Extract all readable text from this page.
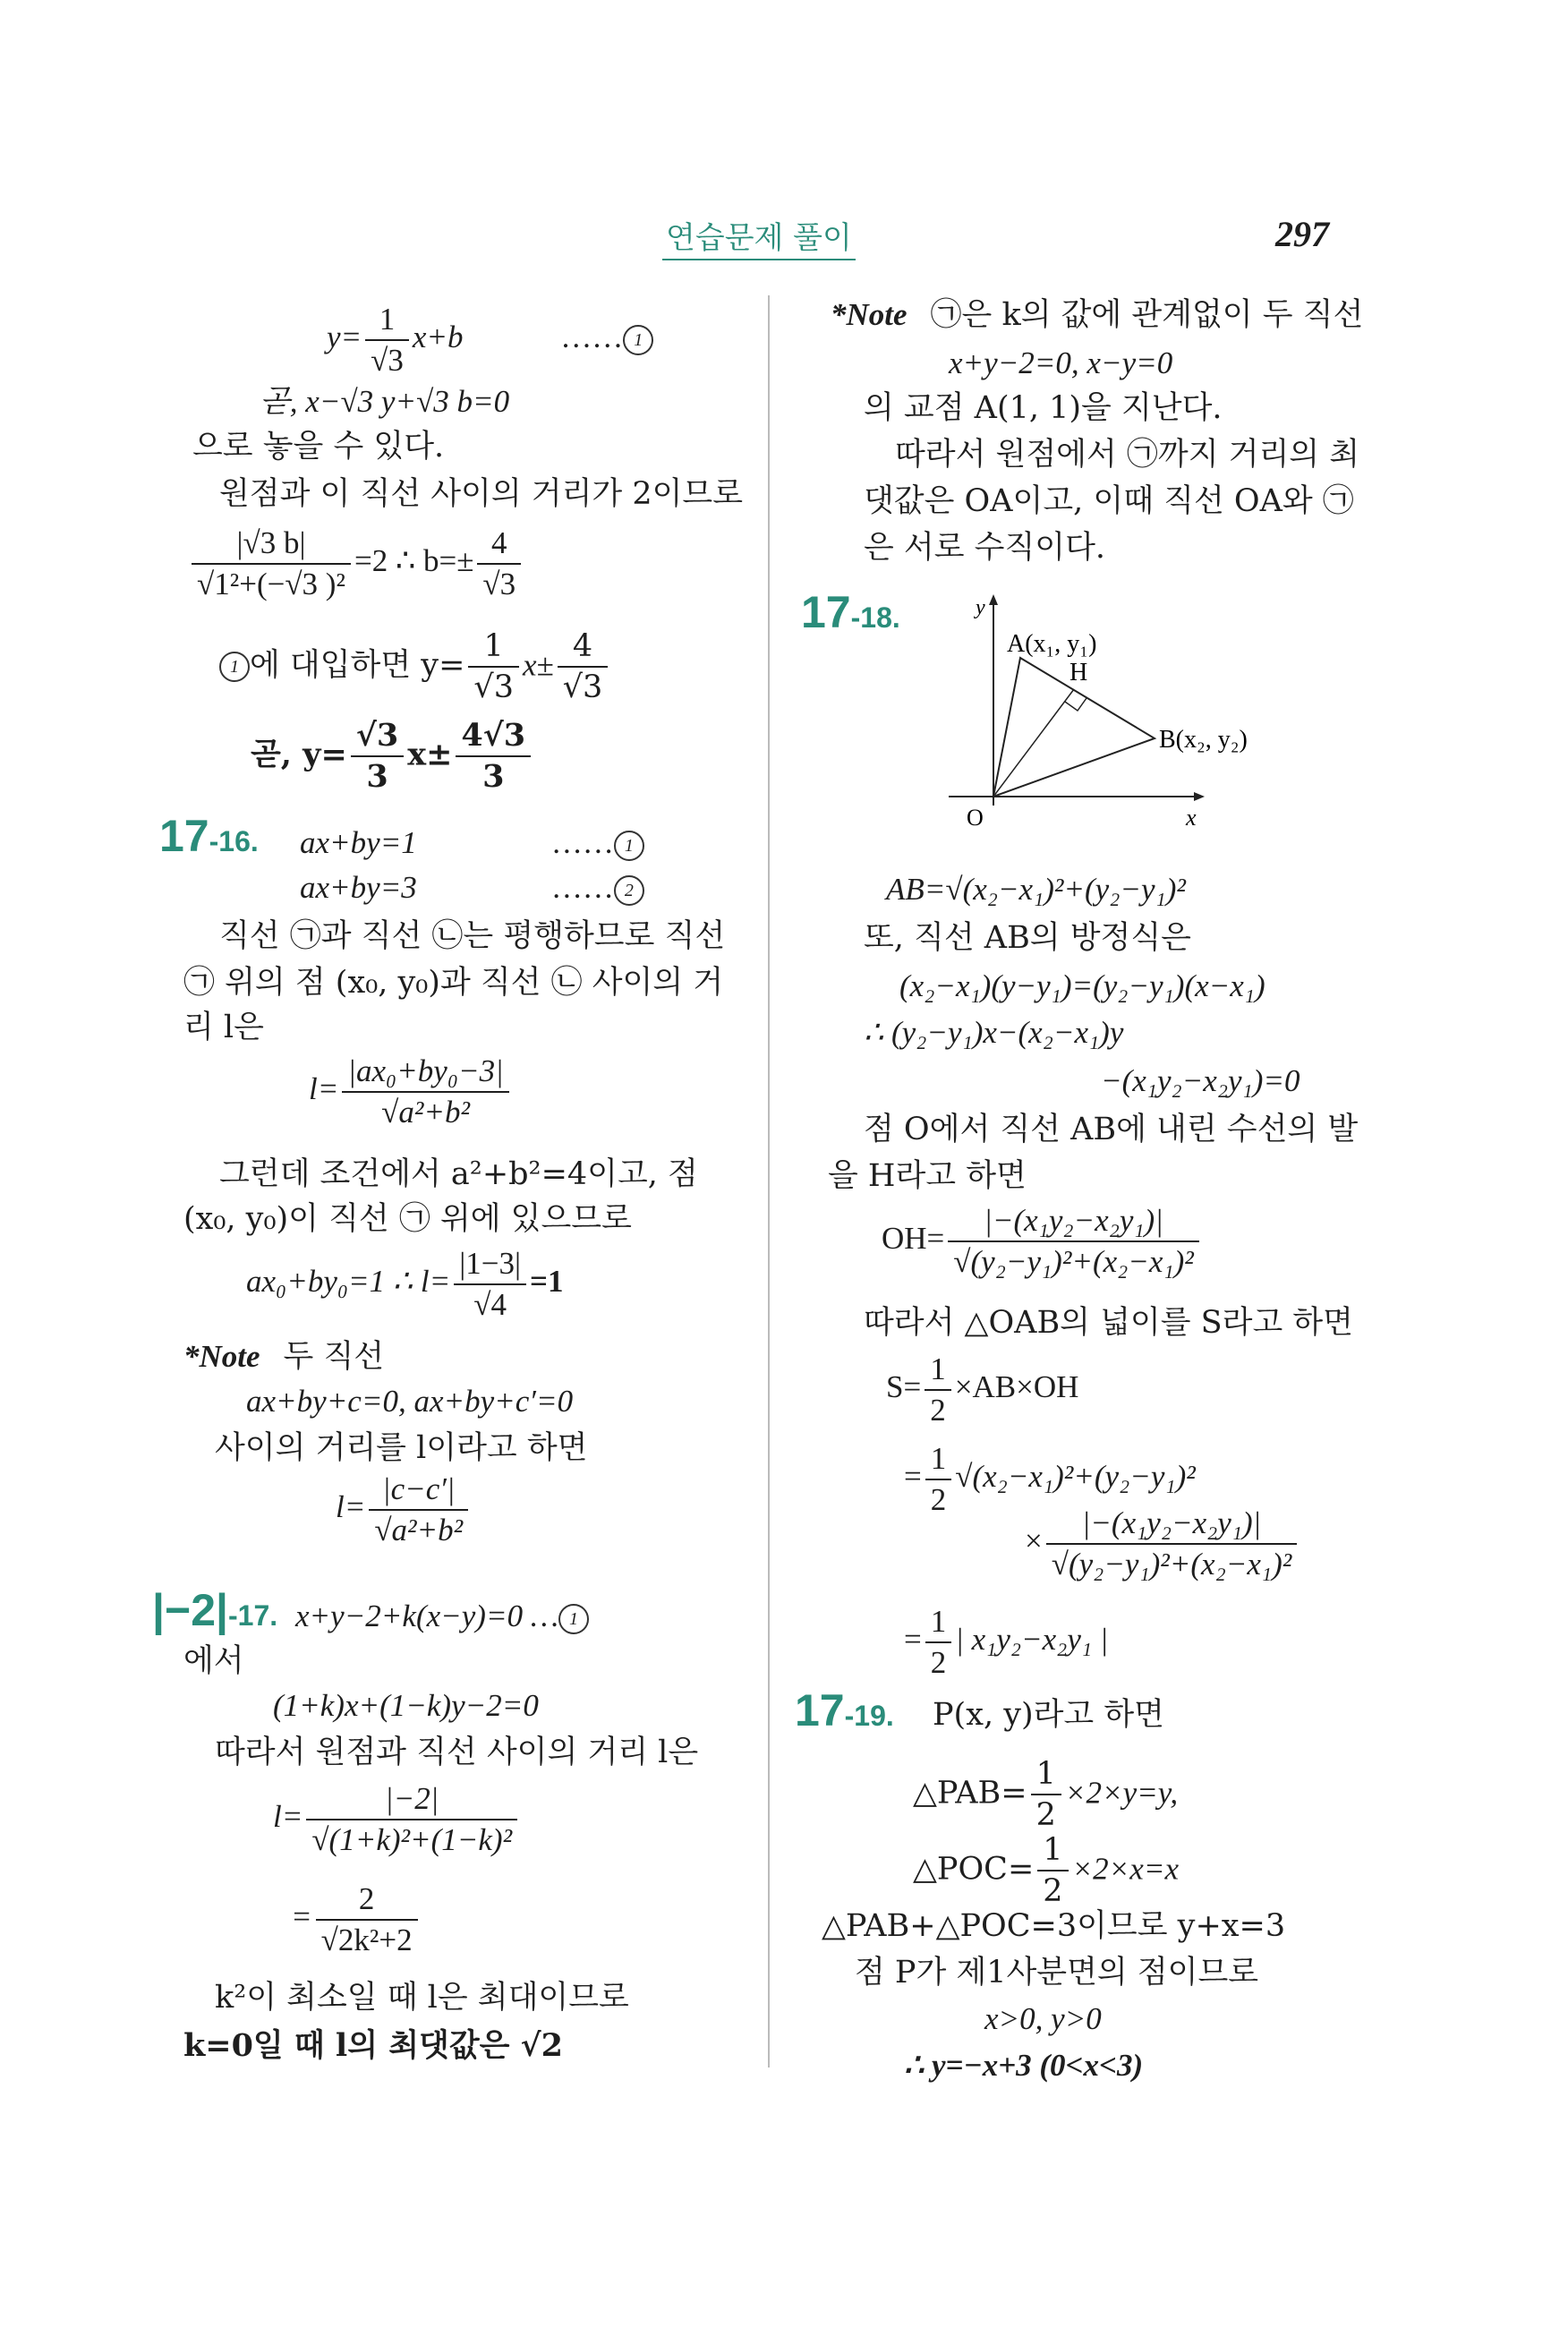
연습문제 풀이	297
$y= \frac{1}{√3} x+b$	…… 1
곧, x−√3 y+√3 b=0
으로 놓을 수 있다.
원점과 이 직선 사이의 거리가 2이므로
$\frac{|√3 b|}{\text{√1²+(−√3 )²}} =2$ ∴ $b=\pm \frac{4}{√3}$
1 에 대입하면 $y= \frac{1}{√3} x\pm \frac{4}{√3}$
곧, $y= \frac{√3}{3} x\pm \frac{4√3}{3}$
17-16. ax+by=1	…… 1
ax+by=3	…… 2
직선 ㉠과 직선 ㉡는 평행하므로 직선
㉠ 위의 점 (x₀, y₀)과 직선 ㉡ 사이의 거
리 l은
$l= \frac{\text{|ax₀+by₀−3|}}{\text{√a²+b²}}$
그런데 조건에서 a²+b²=4이고, 점
(x₀, y₀)이 직선 ㉠ 위에 있으므로
ax₀+by₀=1 ∴ $l= \frac{|1-3|}{√4} =1$
*Note 두 직선
ax+by+c=0, ax+by+c′=0
사이의 거리를 l이라고 하면
$l= \frac{|c-c'|}{\text{√a²+b²}}$
|−2|-17. x+y−2+k(x−y)=0 … 1
에서
(1+k)x+(1−k)y−2=0
따라서 원점과 직선 사이의 거리 l은
$l= \frac{|-2|}{\text{√(1+k)²+(1−k)²}}$
= $\frac{2}{\text{√2k²+2}}$
k²이 최소일 때 l은 최대이므로
k=0일 때 l의 최댓값은 √2
*Note ㉠은 k의 값에 관계없이 두 직선
x+y−2=0, x−y=0
의 교점 A(1, 1)을 지난다.
따라서 원점에서 ㉠까지 거리의 최
댓값은 OA이고, 이때 직선 OA와 ㉠
은 서로 수직이다.
17-18.	y
x
O
A(x₁, y₁)
H
B(x₂, y₂)
AB=√(x₂−x₁)²+(y₂−y₁)²
또, 직선 AB의 방정식은
(x₂−x₁)(y−y₁)=(y₂−y₁)(x−x₁)
∴ (y₂−y₁)x−(x₂−x₁)y
−(x₁y₂−x₂y₁)=0
점 O에서 직선 AB에 내린 수선의 발
을 H라고 하면
$OH= \frac{\text{|−(x₁y₂−x₂y₁)|}}{\text{√(y₂−y₁)²+(x₂−x₁)²}}$
따라서 △OAB의 넓이를 S라고 하면
$S= \frac{1}{2} \times AB\times OH$
= $\frac{1}{2} √(x_2-x_1)^2+(y_2-y_1)^2$
× $\frac{\text{|−(x₁y₂−x₂y₁)|}}{\text{√(y₂−y₁)²+(x₂−x₁)²}}$
= $\frac{1}{2}$ | x₁y₂−x₂y₁ |
17-19. P(x, y)라고 하면
△PAB= $\frac{1}{2} \times 2\times y=y$,
△POC= $\frac{1}{2} \times 2\times x=x$
△PAB+△POC=3이므로 y+x=3
점 P가 제1사분면의 점이므로
x>0, y>0
∴ y=−x+3 (0<x<3)
